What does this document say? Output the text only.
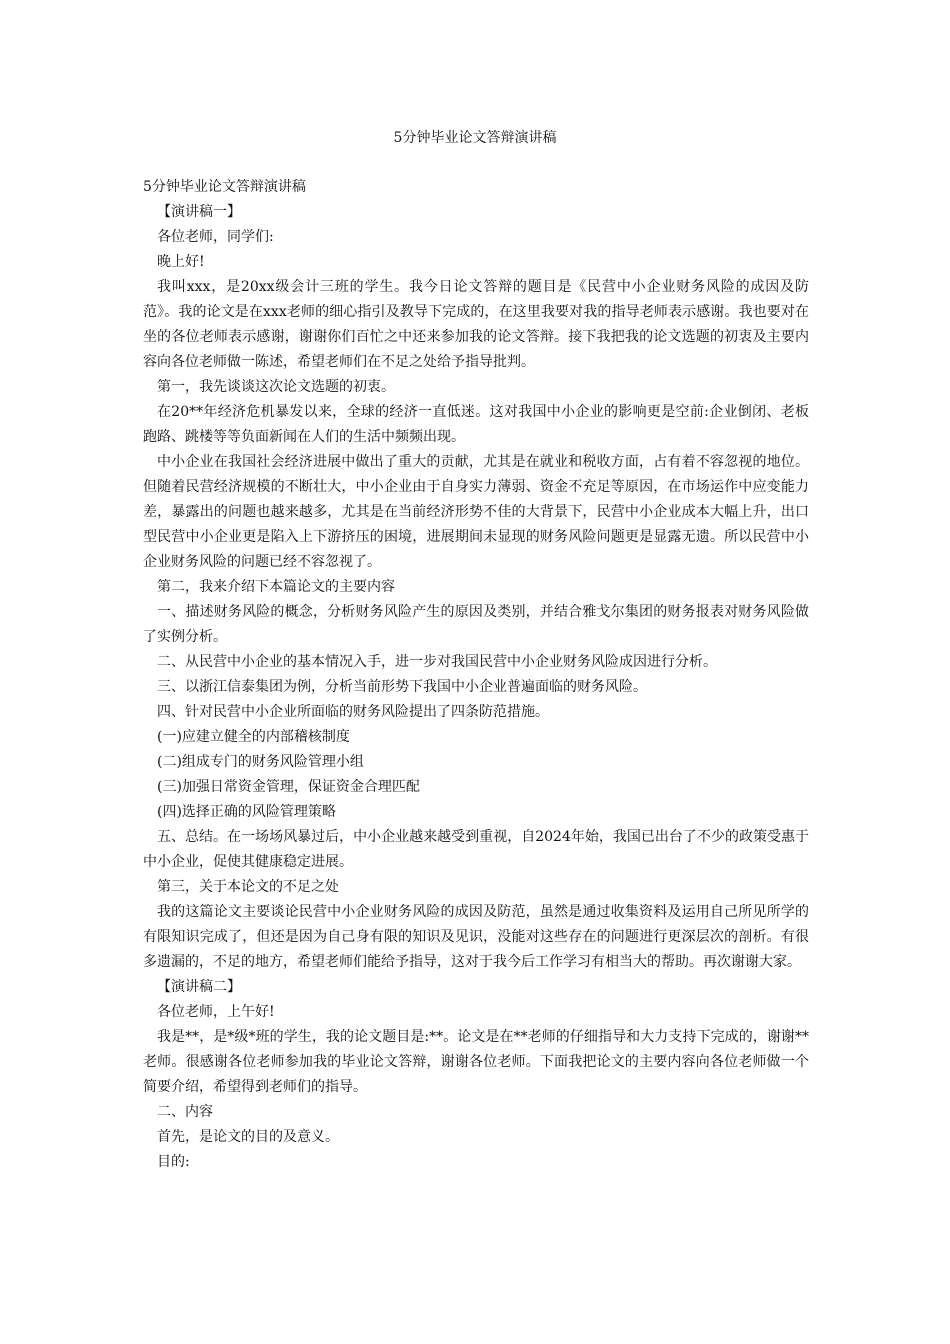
5分钟毕业论文答辩演讲稿

5分钟毕业论文答辩演讲稿

【演讲稿一】

各位老师，同学们:

晚上好!

我叫xxx，是20xx级会计三班的学生。我今日论文答辩的题目是《民营中小企业财务风险的成因及防范》。我的论文是在xxx老师的细心指引及教导下完成的，在这里我要对我的指导老师表示感谢。我也要对在坐的各位老师表示感谢，谢谢你们百忙之中还来参加我的论文答辩。接下我把我的论文选题的初衷及主要内容向各位老师做一陈述，希望老师们在不足之处给予指导批判。

第一，我先谈谈这次论文选题的初衷。

在20**年经济危机暴发以来，全球的经济一直低迷。这对我国中小企业的影响更是空前:企业倒闭、老板跑路、跳楼等等负面新闻在人们的生活中频频出现。

中小企业在我国社会经济进展中做出了重大的贡献，尤其是在就业和税收方面，占有着不容忽视的地位。但随着民营经济规模的不断壮大，中小企业由于自身实力薄弱、资金不充足等原因，在市场运作中应变能力差，暴露出的问题也越来越多，尤其是在当前经济形势不佳的大背景下，民营中小企业成本大幅上升，出口型民营中小企业更是陷入上下游挤压的困境，进展期间未显现的财务风险问题更是显露无遗。所以民营中小企业财务风险的问题已经不容忽视了。

第二，我来介绍下本篇论文的主要内容

一、描述财务风险的概念，分析财务风险产生的原因及类别，并结合雅戈尔集团的财务报表对财务风险做了实例分析。

二、从民营中小企业的基本情况入手，进一步对我国民营中小企业财务风险成因进行分析。

三、以浙江信泰集团为例，分析当前形势下我国中小企业普遍面临的财务风险。

四、针对民营中小企业所面临的财务风险提出了四条防范措施。

(一)应建立健全的内部稽核制度

(二)组成专门的财务风险管理小组

(三)加强日常资金管理，保证资金合理匹配

(四)选择正确的风险管理策略

五、总结。在一场场风暴过后，中小企业越来越受到重视，自2024年始，我国已出台了不少的政策受惠于中小企业，促使其健康稳定进展。

第三，关于本论文的不足之处

我的这篇论文主要谈论民营中小企业财务风险的成因及防范，虽然是通过收集资料及运用自己所见所学的有限知识完成了，但还是因为自己身有限的知识及见识，没能对这些存在的问题进行更深层次的剖析。有很多遗漏的，不足的地方，希望老师们能给予指导，这对于我今后工作学习有相当大的帮助。再次谢谢大家。

【演讲稿二】

各位老师，上午好!

我是**，是*级*班的学生，我的论文题目是:**。论文是在**老师的仔细指导和大力支持下完成的，谢谢**老师。很感谢各位老师参加我的毕业论文答辩，谢谢各位老师。下面我把论文的主要内容向各位老师做一个简要介绍，希望得到老师们的指导。

二、内容

首先，是论文的目的及意义。

目的:
